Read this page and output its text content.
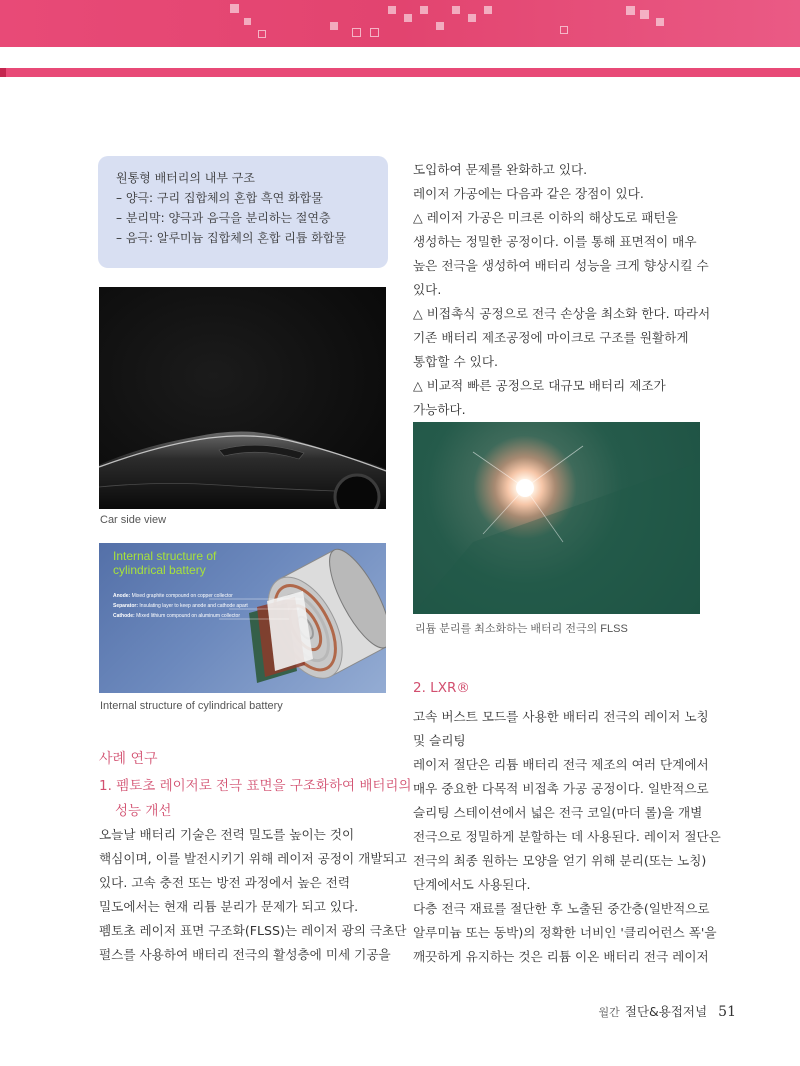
원통형 배터리의 내부 구조
– 양극: 구리 집합체의 혼합 흑연 화합물
– 분리막: 양극과 음극을 분리하는 절연층
– 음극: 알루미늄 집합체의 혼합 리튬 화합물
Car side view
Internal structure of
cylindrical battery
Anode: Mixed graphite compound on copper collector
Separator: Insulating layer to keep anode and cathode apart
Cathode: Mixed lithium compound on aluminum collector
Internal structure of cylindrical battery
리튬 분리를 최소화하는 배터리 전극의 FLSS
사례 연구
1. 펨토초 레이저로 전극 표면을 구조화하여 배터리의
성능 개선
오늘날 배터리 기술은 전력 밀도를 높이는 것이
핵심이며, 이를 발전시키기 위해 레이저 공정이 개발되고
있다. 고속 충전 또는 방전 과정에서 높은 전력
밀도에서는 현재 리튬 분리가 문제가 되고 있다.
펨토초 레이저 표면 구조화(FLSS)는 레이저 광의 극초단
펄스를 사용하여 배터리 전극의 활성층에 미세 기공을
도입하여 문제를 완화하고 있다.
레이저 가공에는 다음과 같은 장점이 있다.
△ 레이저 가공은 미크론 이하의 해상도로 패턴을
생성하는 정밀한 공정이다. 이를 통해 표면적이 매우
높은 전극을 생성하여 배터리 성능을 크게 향상시킬 수
있다.
△ 비접촉식 공정으로 전극 손상을 최소화 한다. 따라서
기존 배터리 제조공정에 마이크로 구조를 원활하게
통합할 수 있다.
△ 비교적 빠른 공정으로 대규모 배터리 제조가
가능하다.
2. LXR®
고속 버스트 모드를 사용한 배터리 전극의 레이저 노칭
및 슬리팅
레이저 절단은 리튬 배터리 전극 제조의 여러 단계에서
매우 중요한 다목적 비접촉 가공 공정이다. 일반적으로
슬리팅 스테이션에서 넓은 전극 코일(마더 롤)을 개별
전극으로 정밀하게 분할하는 데 사용된다. 레이저 절단은
전극의 최종 원하는 모양을 얻기 위해 분리(또는 노칭)
단계에서도 사용된다.
다층 전극 재료를 절단한 후 노출된 중간층(일반적으로
알루미늄 또는 동박)의 정확한 너비인 '클리어런스 폭'을
깨끗하게 유지하는 것은 리튬 이온 배터리 전극 레이저
월간 절단&용접저널 51
